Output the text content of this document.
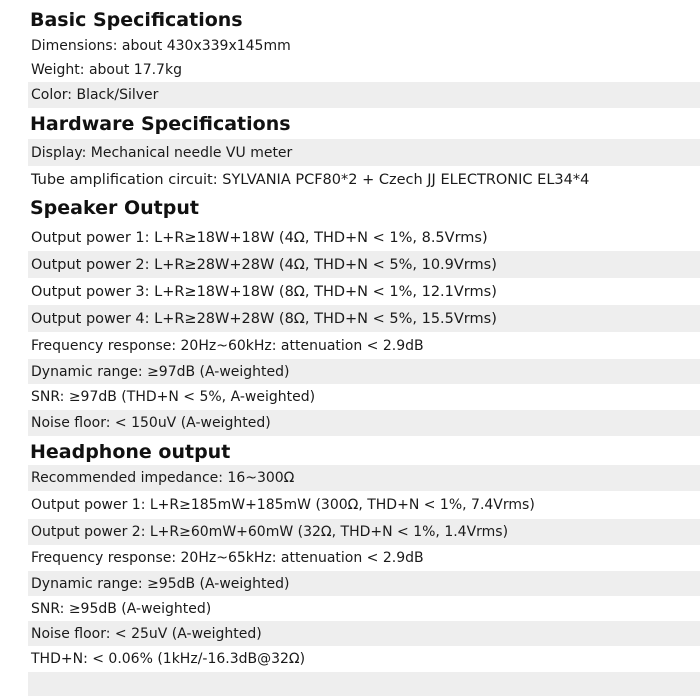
Basic Specifications
Dimensions: about 430x339x145mm
Weight: about 17.7kg
Color: Black/Silver
Hardware Specifications
Display: Mechanical needle VU meter
Tube amplification circuit: SYLVANIA PCF80*2 + Czech JJ ELECTRONIC EL34*4
Speaker Output
Output power 1: L+R≥18W+18W (4Ω, THD+N < 1%, 8.5Vrms)
Output power 2: L+R≥28W+28W (4Ω, THD+N < 5%, 10.9Vrms)
Output power 3: L+R≥18W+18W (8Ω, THD+N < 1%, 12.1Vrms)
Output power 4: L+R≥28W+28W (8Ω, THD+N < 5%, 15.5Vrms)
Frequency response: 20Hz~60kHz: attenuation < 2.9dB
Dynamic range: ≥97dB (A-weighted)
SNR: ≥97dB (THD+N < 5%, A-weighted)
Noise floor: < 150uV (A-weighted)
Headphone output
Recommended impedance: 16~300Ω
Output power 1: L+R≥185mW+185mW (300Ω, THD+N < 1%, 7.4Vrms)
Output power 2: L+R≥60mW+60mW (32Ω, THD+N < 1%, 1.4Vrms)
Frequency response: 20Hz~65kHz: attenuation < 2.9dB
Dynamic range: ≥95dB (A-weighted)
SNR: ≥95dB (A-weighted)
Noise floor: < 25uV (A-weighted)
THD+N: < 0.06% (1kHz/-16.3dB@32Ω)
